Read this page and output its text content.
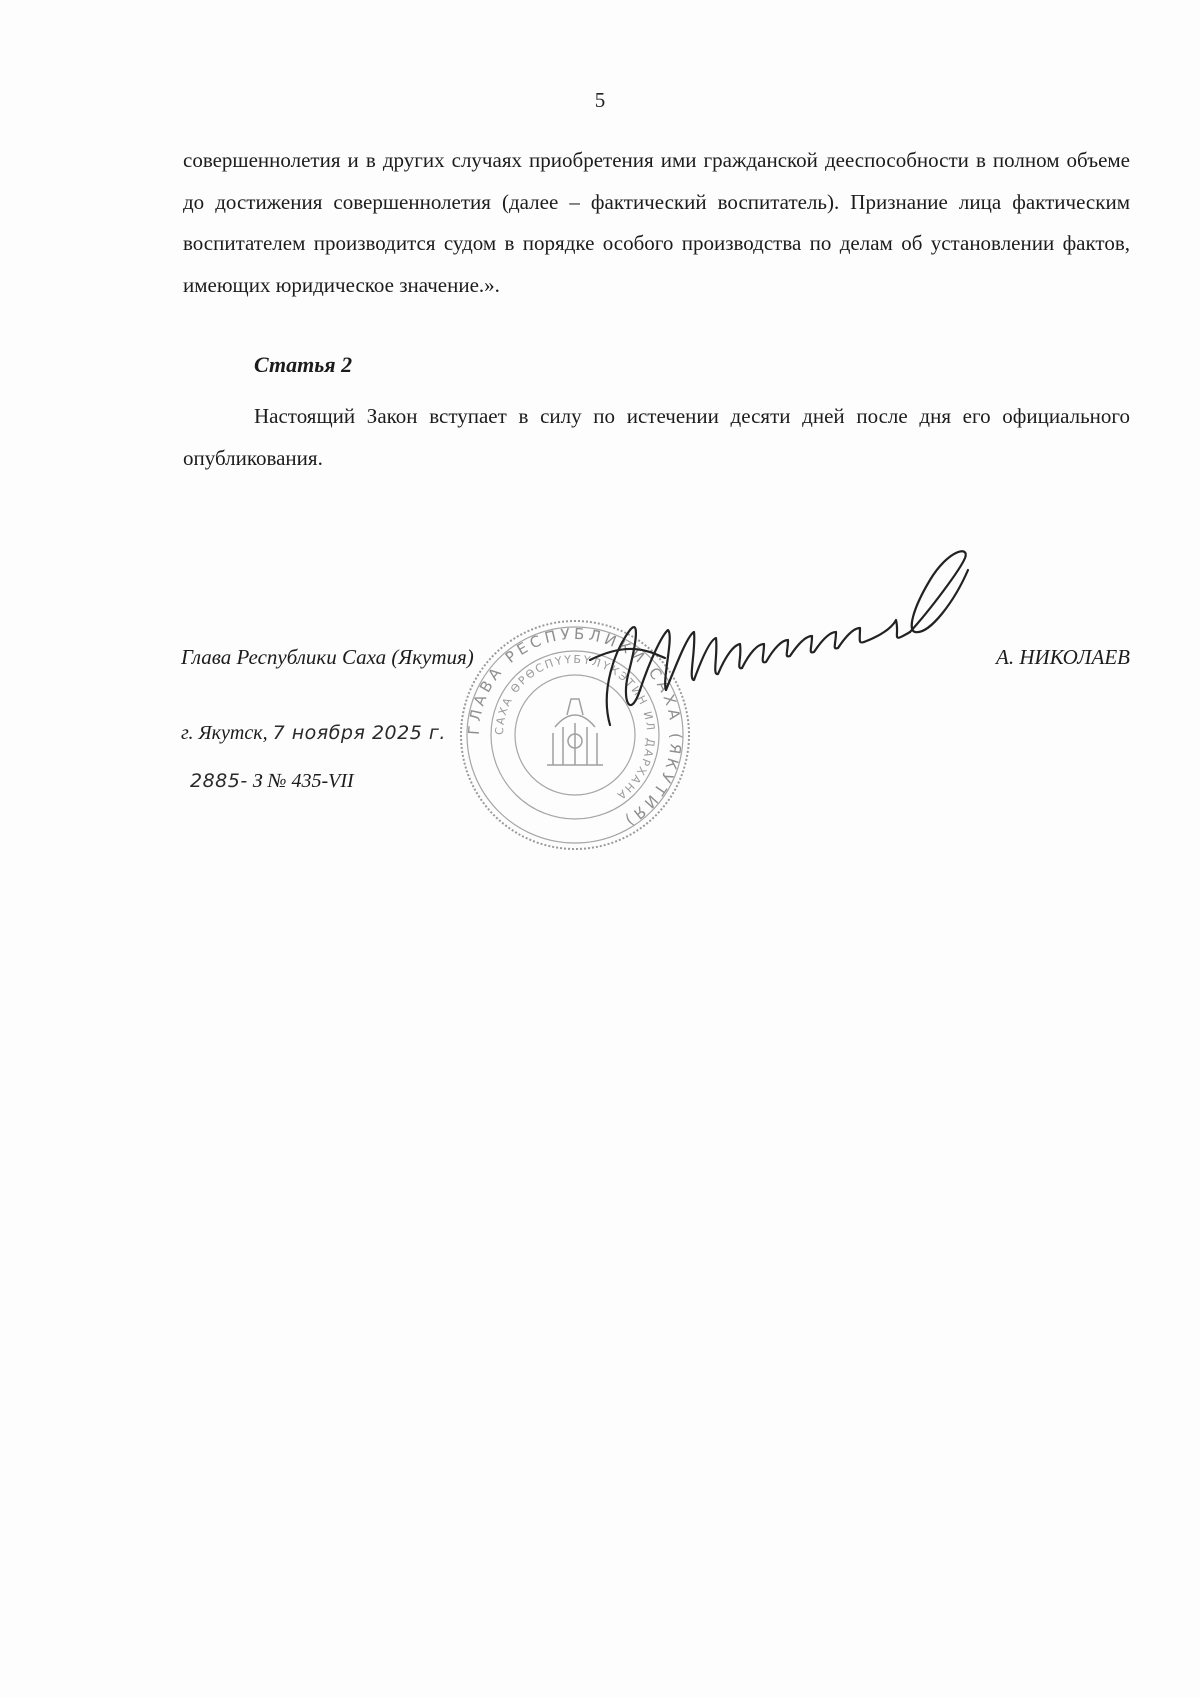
5
совершеннолетия и в других случаях приобретения ими гражданской дееспособности в полном объеме до достижения совершеннолетия (далее – фактический воспитатель). Признание лица фактическим воспитателем производится судом в порядке особого производства по делам об установлении фактов, имеющих юридическое значение.».
Статья 2
Настоящий Закон вступает в силу по истечении десяти дней после дня его официального опубликования.
ГЛАВА РЕСПУБЛИКИ САХА (ЯКУТИЯ)
САХА ӨРӨСПҮҮБҮЛҮКЭТИН ИЛ ДАРХАНА
Глава Республики Саха (Якутия)	А. НИКОЛАЕВ
г. Якутск, 7 ноября 2025 г.
2885- З № 435-VII
